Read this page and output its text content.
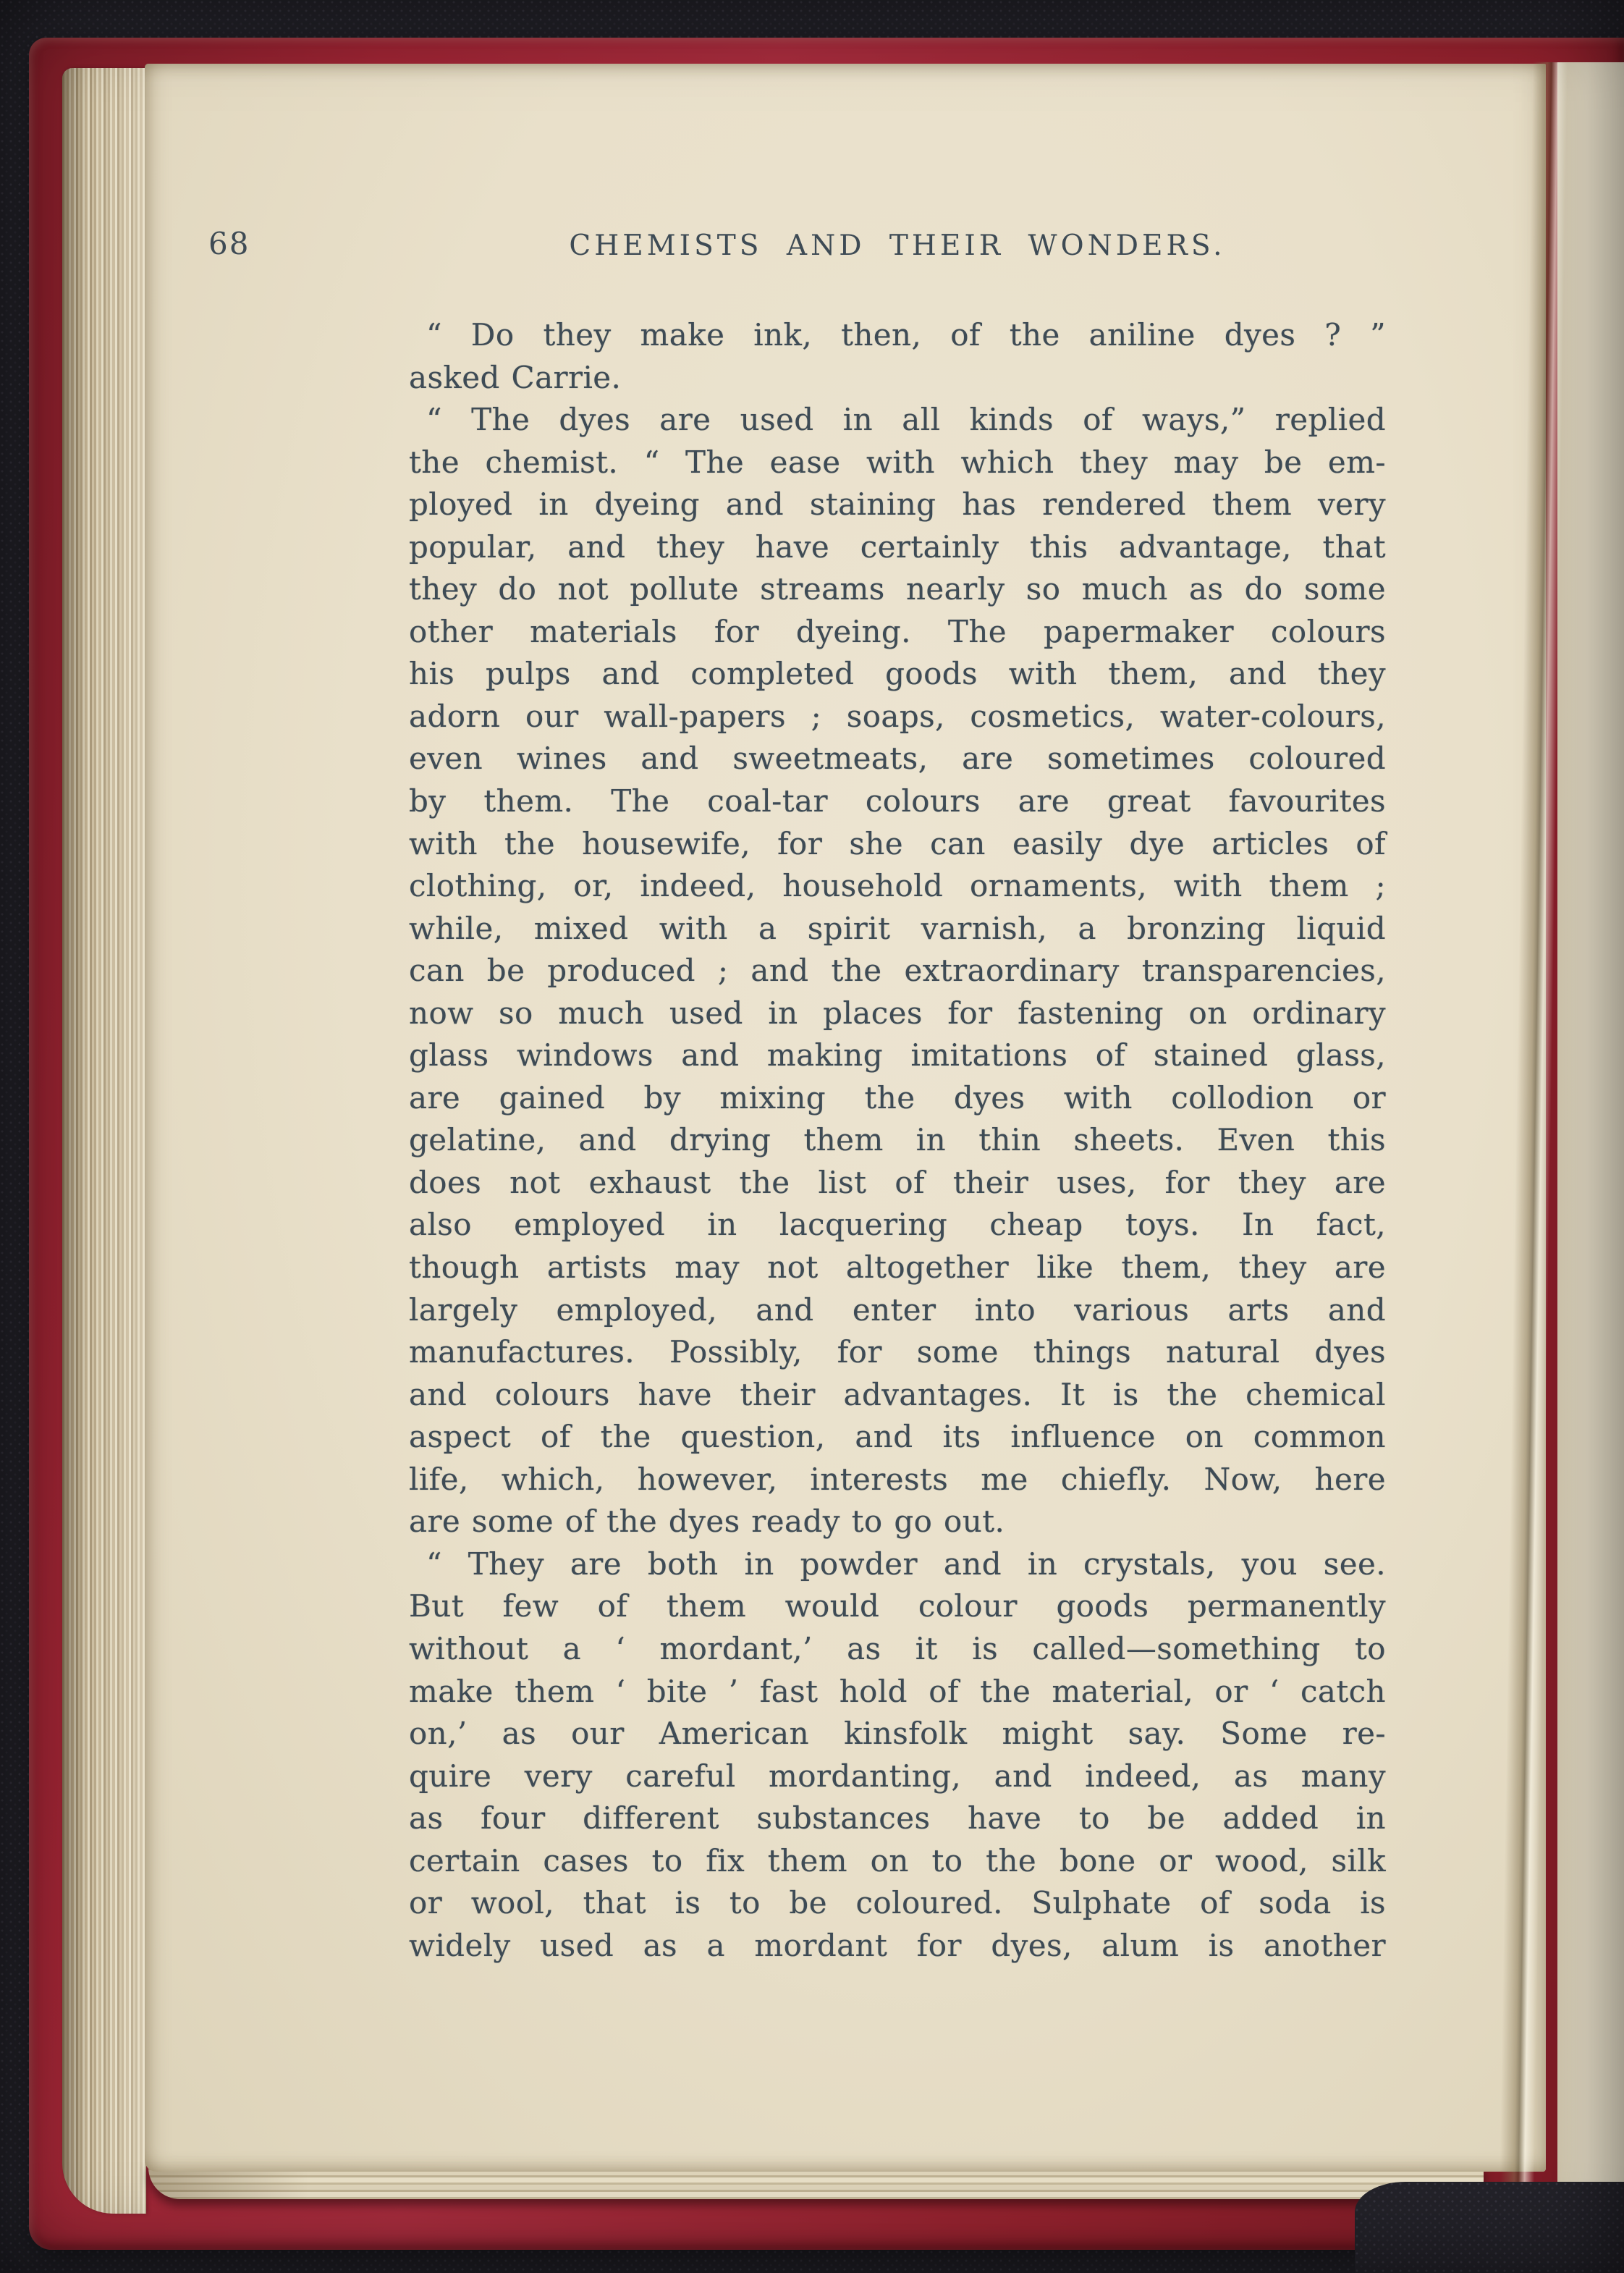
68	CHEMISTS AND THEIR WONDERS.
“ Do they make ink, then, of the aniline dyes ? ”
asked Carrie.
“ The dyes are used in all kinds of ways,” replied
the chemist. “ The ease with which they may be em-
ployed in dyeing and staining has rendered them very
popular, and they have certainly this advantage, that
they do not pollute streams nearly so much as do some
other materials for dyeing. The papermaker colours
his pulps and completed goods with them, and they
adorn our wall-papers ; soaps, cosmetics, water-colours,
even wines and sweetmeats, are sometimes coloured
by them. The coal-tar colours are great favourites
with the housewife, for she can easily dye articles of
clothing, or, indeed, household ornaments, with them ;
while, mixed with a spirit varnish, a bronzing liquid
can be produced ; and the extraordinary transparencies,
now so much used in places for fastening on ordinary
glass windows and making imitations of stained glass,
are gained by mixing the dyes with collodion or
gelatine, and drying them in thin sheets. Even this
does not exhaust the list of their uses, for they are
also employed in lacquering cheap toys. In fact,
though artists may not altogether like them, they are
largely employed, and enter into various arts and
manufactures. Possibly, for some things natural dyes
and colours have their advantages. It is the chemical
aspect of the question, and its influence on common
life, which, however, interests me chiefly. Now, here
are some of the dyes ready to go out.
“ They are both in powder and in crystals, you see.
But few of them would colour goods permanently
without a ‘ mordant,’ as it is called—something to
make them ‘ bite ’ fast hold of the material, or ‘ catch
on,’ as our American kinsfolk might say. Some re-
quire very careful mordanting, and indeed, as many
as four different substances have to be added in
certain cases to fix them on to the bone or wood, silk
or wool, that is to be coloured. Sulphate of soda is
widely used as a mordant for dyes, alum is another
